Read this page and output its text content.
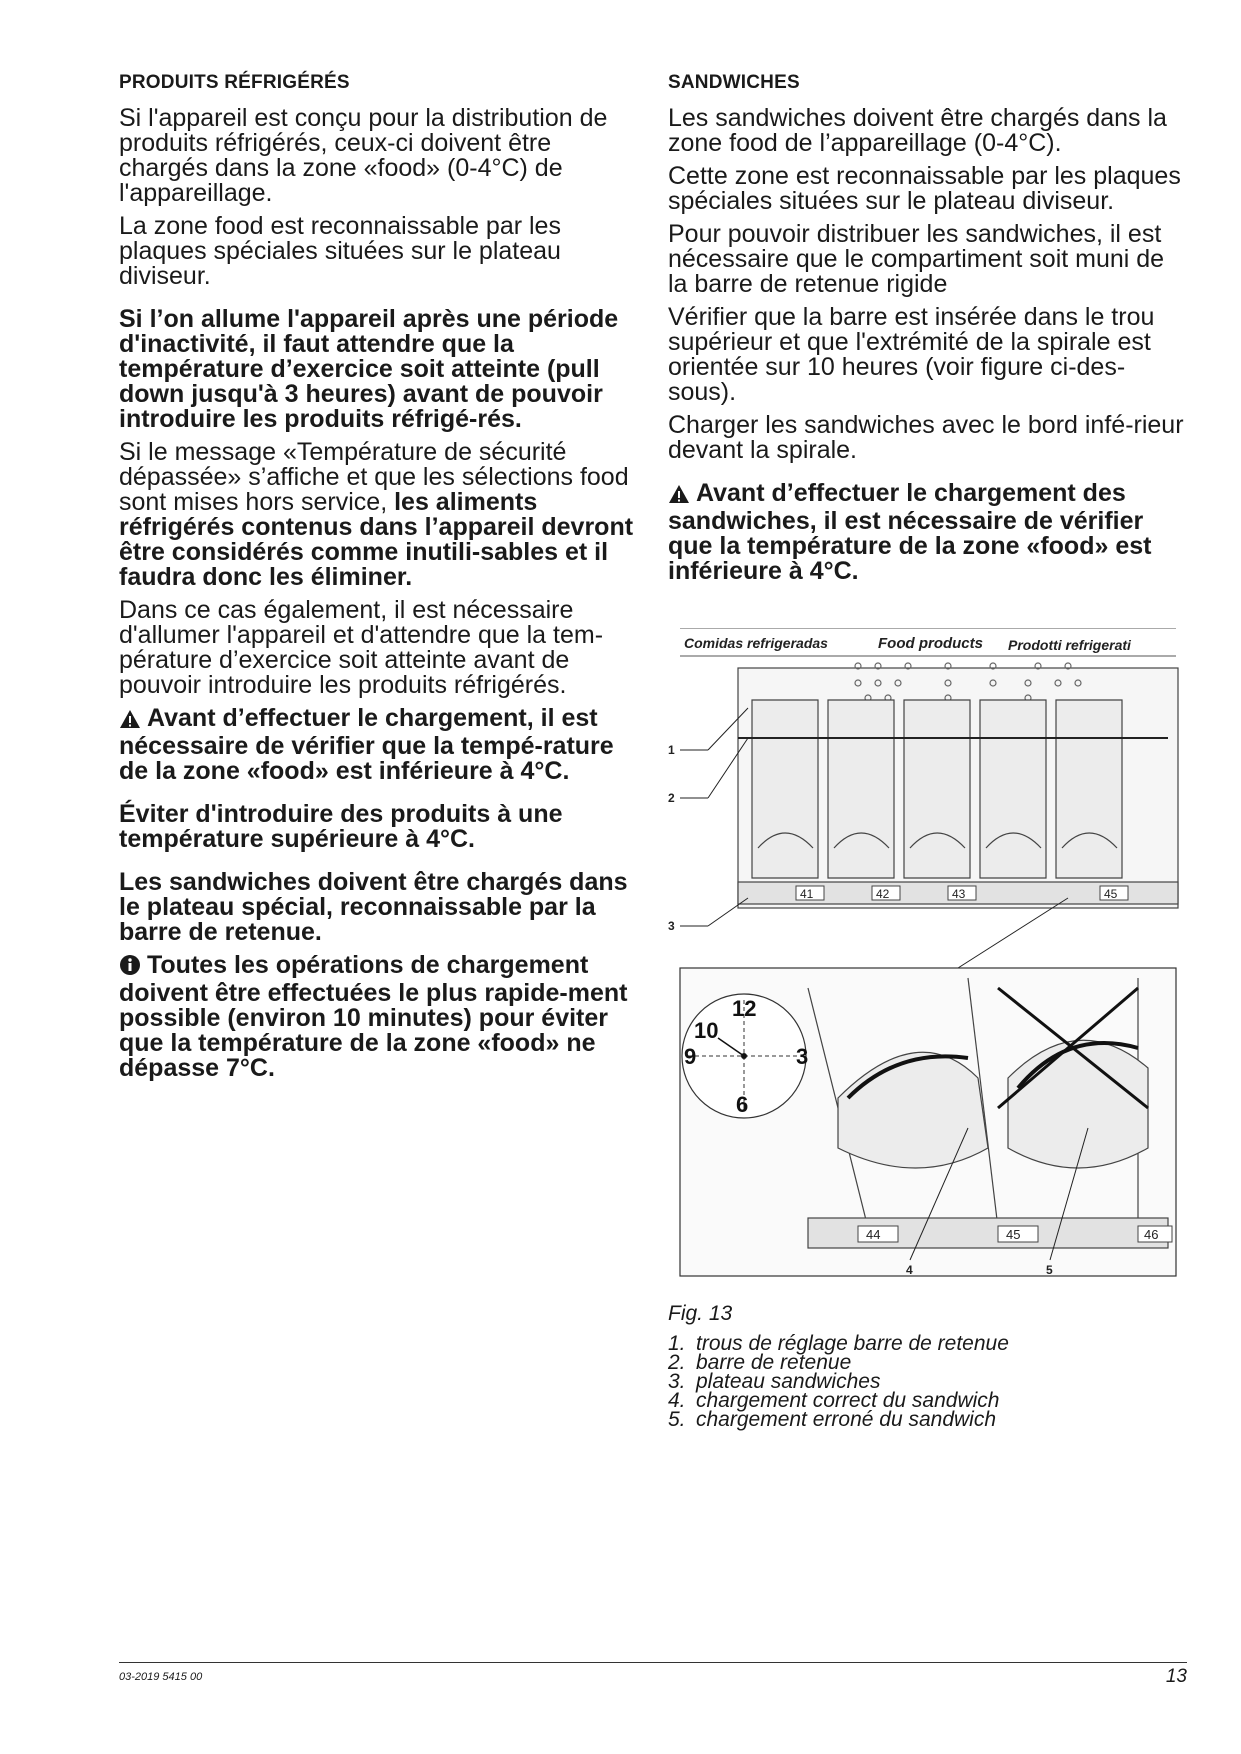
PRODUITS RÉFRIGÉRÉS

Si l'appareil est conçu pour la distribution de produits réfrigérés, ceux-ci doivent être chargés dans la zone «food» (0-4°C) de l'appareillage.

La zone food est reconnaissable par les plaques spéciales situées sur le plateau diviseur.

Si l’on allume l'appareil après une période d'inactivité, il faut attendre que la température d’exercice soit atteinte (pull down jusqu'à 3 heures) avant de pouvoir introduire les produits réfrigé-rés.

Si le message «Température de sécurité dépassée» s’affiche et que les sélections food sont mises hors service, les aliments réfrigérés contenus dans l’appareil devront être considérés comme inutili-sables et il faudra donc les éliminer.

Dans ce cas également, il est nécessaire d'allumer l'appareil et d'attendre que la tem-pérature d’exercice soit atteinte avant de pouvoir introduire les produits réfrigérés.

Avant d’effectuer le chargement, il est nécessaire de vérifier que la tempé-rature de la zone «food» est inférieure à 4°C.

Éviter d'introduire des produits à une température supérieure à 4°C.

Les sandwiches doivent être chargés dans le plateau spécial, reconnaissable par la barre de retenue.

Toutes les opérations de chargement doivent être effectuées le plus rapide-ment possible (environ 10 minutes) pour éviter que la température de la zone «food» ne dépasse 7°C.

SANDWICHES

Les sandwiches doivent être chargés dans la zone food de l’appareillage (0-4°C).

Cette zone est reconnaissable par les plaques spéciales situées sur le plateau diviseur.

Pour pouvoir distribuer les sandwiches, il est nécessaire que le compartiment soit muni de la barre de retenue rigide

Vérifier que la barre est insérée dans le trou supérieur et que l'extrémité de la spirale est orientée sur 10 heures (voir figure ci-des-sous).

Charger les sandwiches avec le bord infé-rieur devant la spirale.

Avant d’effectuer le chargement des sandwiches, il est nécessaire de vérifier que la température de la zone «food» est inférieure à 4°C.

Comidas refrigeradas	Food products Prodotti refrigerati
41	42	43	45
1
2
3
44	45	46
12
10
9	3
6
4	5
Fig. 13
1. trous de réglage barre de retenue
2. barre de retenue
3. plateau sandwiches
4. chargement correct du sandwich
5. chargement erroné du sandwich
03-2019 5415 00	13
